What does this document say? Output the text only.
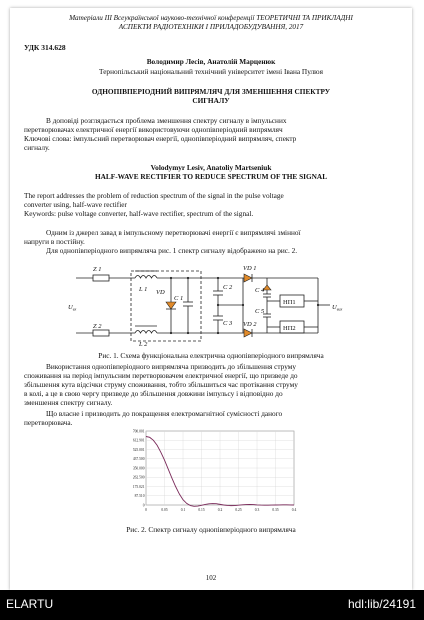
Матеріали ІІІ Всеукраїнської науково-технічної конференції ТЕОРЕТИЧНІ ТА ПРИКЛАДНІ
АСПЕКТИ РАДІОТЕХНІКИ І ПРИЛАДОБУДУВАННЯ, 2017
УДК 314.628
Володимир Лесів, Анатолій Марценюк
Тернопільський національний технічний університет імені Івана Пулюя
ОДНОПІВПЕРІОДНИЙ ВИПРЯМЛЯЧ ДЛЯ ЗМЕНШЕННЯ СПЕКТРУ
СИГНАЛУ
В доповіді розглядається проблема зменшення спектру сигналу в імпульсних
перетворювачах електричної енергії використовуючи однопівперіодний випрямляч
Ключові слова: імпульсний перетворювач енергії, однопівперіодний випрямляч, спектр
сигналу.
Volodymyr Lesiv, Anatoliy Martseniuk
HALF-WAVE RECTIFIER TO REDUCE SPECTRUM OF THE SIGNAL
The report addresses the problem of reduction spectrum of the signal in the pulse voltage
converter using, half-wave rectifier
Keywords: pulse voltage converter, half-wave rectifier, spectrum of the signal.
Одним із джерел завад в імпульсному перетворювачі енергії є випрямлячі змінної
напруги в постійну.
Для однопівперіодного випрямляча рис. 1 спектр сигналу відображено на рис. 2.
Z 1
Z 2
L 1
L 2
C 1
VD
C 2
C 3
VD 1
VD 2
C 4
C 5
$U_{вх}$	$U_{вих}$
НП1
НП2
Рис. 1. Схема функціональна електрична однопівперіодного випрямляча
Використання однопівперіодного випрямляча призводить до збільшення струму
споживання на період імпульсним перетворювачем електричної енергії, що призведе до
збільшення кута відсічки струму споживання, тобто збільшиться час протікання струму
в колі, а це в свою чергу призведе до збільшення довжини імпульсу і відповідно до
зменшення спектру сигналу.
Що власне і призводить до покращення електромагнітної сумісності даного
перетворювача.
0	0.05	0.1	0.15	0.2	0.25	0.3	0.35	0.4
700.001
612.901
525.001
437.500
350.000
262.500
175.021
87.510
0
Рис. 2. Спектр сигналу однопівперіодного випрямляча
102
ELARTU	hdl:lib/24191
